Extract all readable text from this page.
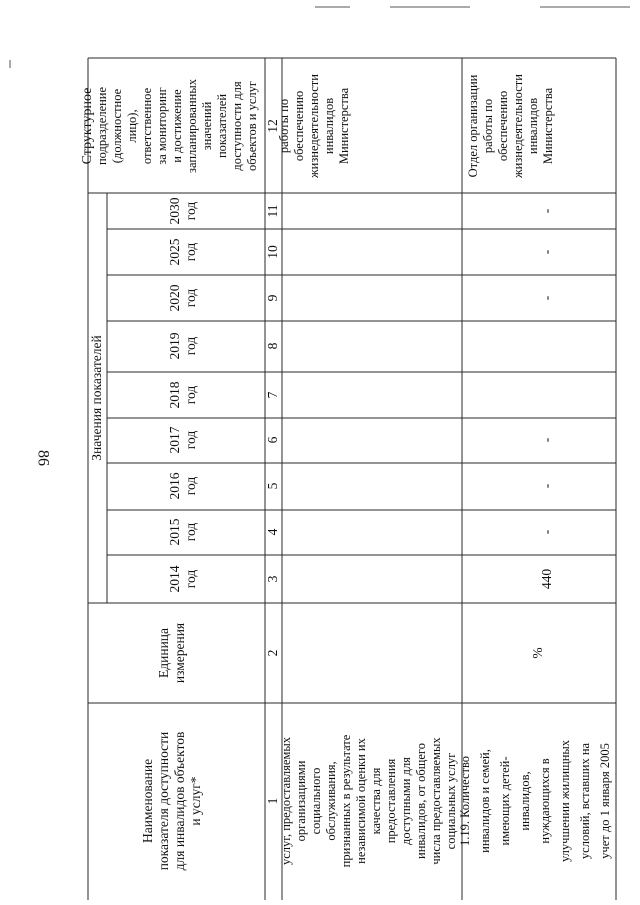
86	Значения показателей
Наименование показателя доступности для инвалидов объектов и услуг*
Единица измерения
2014 год
2015 год
2016 год
2017 год
2018 год
2019 год
2020 год
2025 год
2030 год
Структурное подразделение (должностное лицо), ответственное за мониторинг и достижение запланированных значений показателей доступности для объектов и услуг
1
2
3
4
5
6
7
8
9
10
11
12
услуг, предоставляемых организациями социального обслуживания, признанных в результате независимой оценки их качества для предоставления доступными для инвалидов, от общего числа предоставляемых социальных услуг
работы по обеспечению жизнедеятельности инвалидов Министерства
1.19. Количество инвалидов и семей, имеющих детей- инвалидов, нуждающихся в улучшении жилищных условий, вставших на учет до 1 января 2005
%
440
-
-
-
-
-
-
Отдел организации работы по обеспечению жизнедеятельности инвалидов Министерства
